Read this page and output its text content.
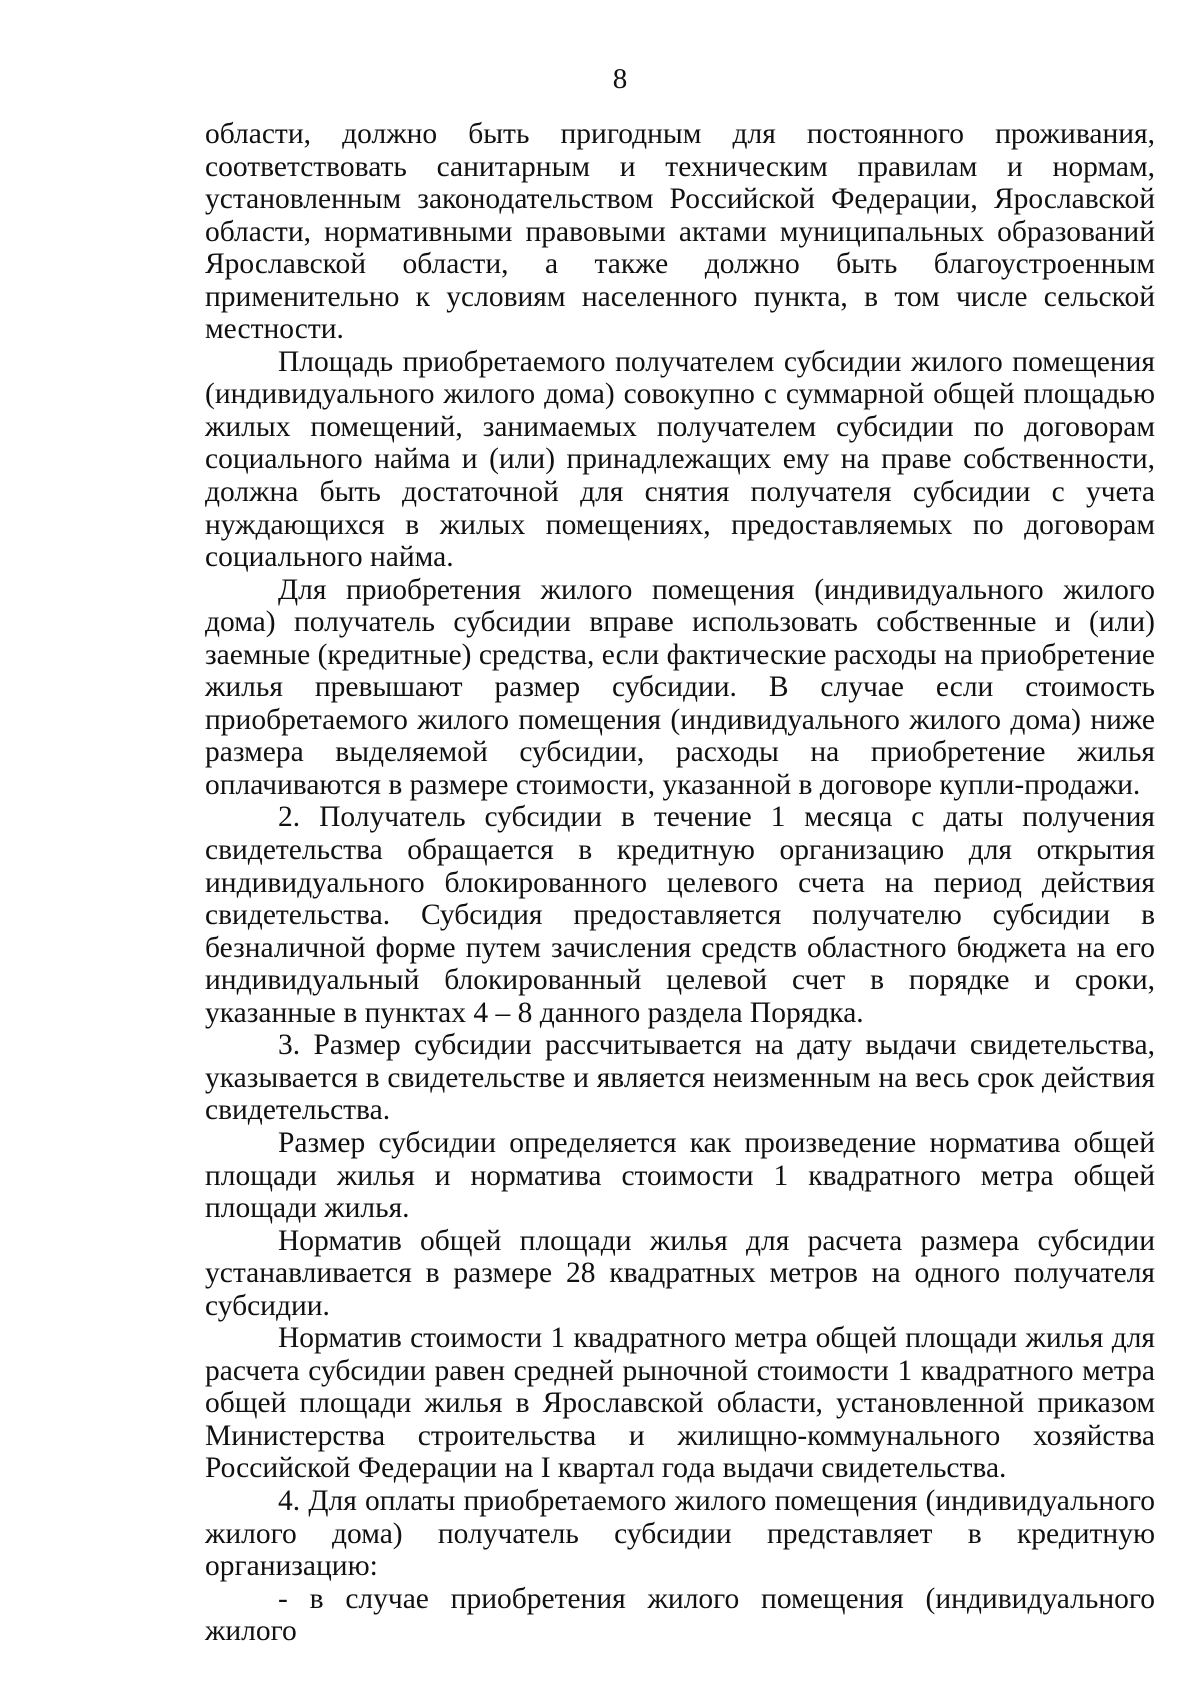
8

области, должно быть пригодным для постоянного проживания, соответствовать санитарным и техническим правилам и нормам, установленным законодательством Российской Федерации, Ярославской области, нормативными правовыми актами муниципальных образований Ярославской области, а также должно быть благоустроенным применительно к условиям населенного пункта, в том числе сельской местности.

Площадь приобретаемого получателем субсидии жилого помещения (индивидуального жилого дома) совокупно с суммарной общей площадью жилых помещений, занимаемых получателем субсидии по договорам социального найма и (или) принадлежащих ему на праве собственности, должна быть достаточной для снятия получателя субсидии с учета нуждающихся в жилых помещениях, предоставляемых по договорам социального найма.

Для приобретения жилого помещения (индивидуального жилого дома) получатель субсидии вправе использовать собственные и (или) заемные (кредитные) средства, если фактические расходы на приобретение жилья превышают размер субсидии. В случае если стоимость приобретаемого жилого помещения (индивидуального жилого дома) ниже размера выделяемой субсидии, расходы на приобретение жилья оплачиваются в размере стоимости, указанной в договоре купли-продажи.

2. Получатель субсидии в течение 1 месяца с даты получения свидетельства обращается в кредитную организацию для открытия индивидуального блокированного целевого счета на период действия свидетельства. Субсидия предоставляется получателю субсидии в безналичной форме путем зачисления средств областного бюджета на его индивидуальный блокированный целевой счет в порядке и сроки, указанные в пунктах 4 – 8 данного раздела Порядка.

3. Размер субсидии рассчитывается на дату выдачи свидетельства, указывается в свидетельстве и является неизменным на весь срок действия свидетельства.

Размер субсидии определяется как произведение норматива общей площади жилья и норматива стоимости 1 квадратного метра общей площади жилья.

Норматив общей площади жилья для расчета размера субсидии устанавливается в размере 28 квадратных метров на одного получателя субсидии.

Норматив стоимости 1 квадратного метра общей площади жилья для расчета субсидии равен средней рыночной стоимости 1 квадратного метра общей площади жилья в Ярославской области, установленной приказом Министерства строительства и жилищно-коммунального хозяйства Российской Федерации на I квартал года выдачи свидетельства.

4. Для оплаты приобретаемого жилого помещения (индивидуального жилого дома) получатель субсидии представляет в кредитную организацию:

- в случае приобретения жилого помещения (индивидуального жилого
